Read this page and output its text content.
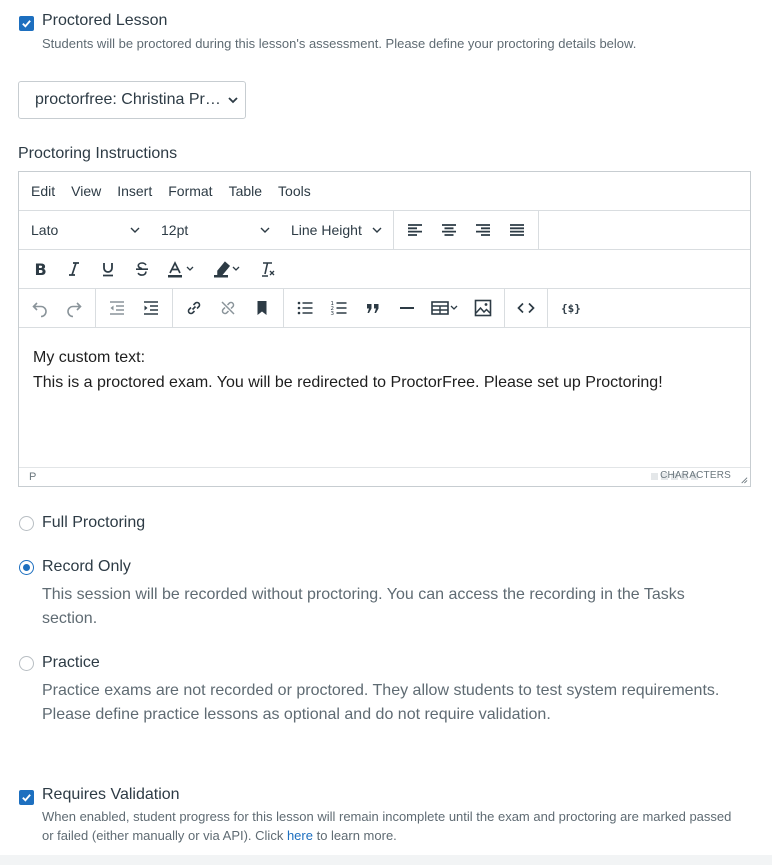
Proctored Lesson
Students will be proctored during this lesson's assessment. Please define your proctoring details below.
proctorfree: Christina Pr…
Proctoring Instructions
Edit View Insert Format Table Tools
Lato	12pt	Line Height
B
1
2
3	{$}
My custom text:
This is a proctored exam. You will be redirected to ProctorFree. Please set up Proctoring!
P	CHARACTERS
Full Proctoring
Record Only
This session will be recorded without proctoring. You can access the recording in the Tasks section.
Practice
Practice exams are not recorded or proctored. They allow students to test system requirements. Please define practice lessons as optional and do not require validation.
Requires Validation
When enabled, student progress for this lesson will remain incomplete until the exam and proctoring are marked passed or failed (either manually or via API). Click here to learn more.
